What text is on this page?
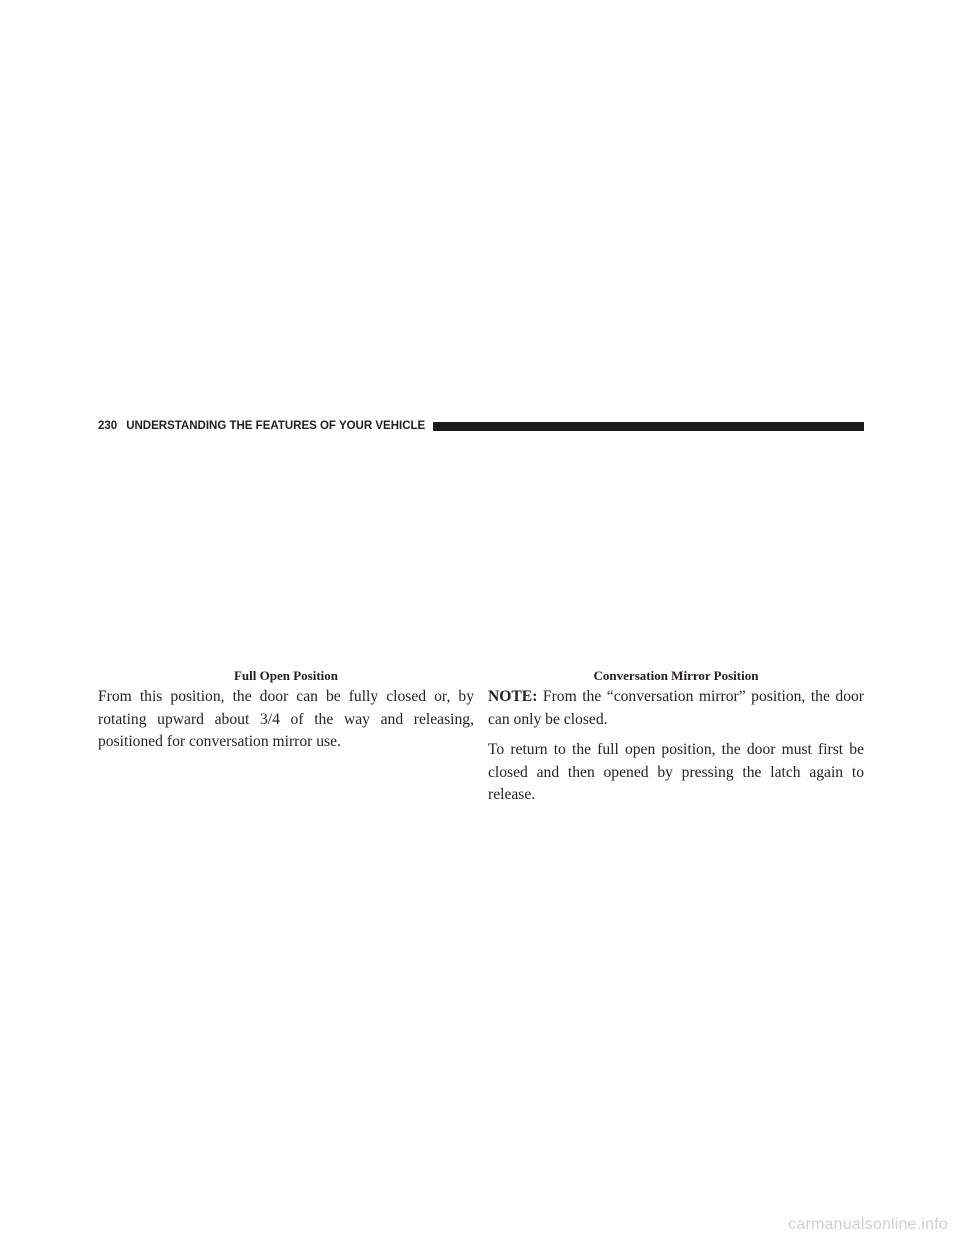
230 UNDERSTANDING THE FEATURES OF YOUR VEHICLE
Full Open Position	Conversation Mirror Position

From this position, the door can be fully closed or, by rotating upward about 3/4 of the way and releasing, positioned for conversation mirror use.

NOTE: From the “conversation mirror” position, the door can only be closed.

To return to the full open position, the door must first be closed and then opened by pressing the latch again to release.

carmanualsonline.info
